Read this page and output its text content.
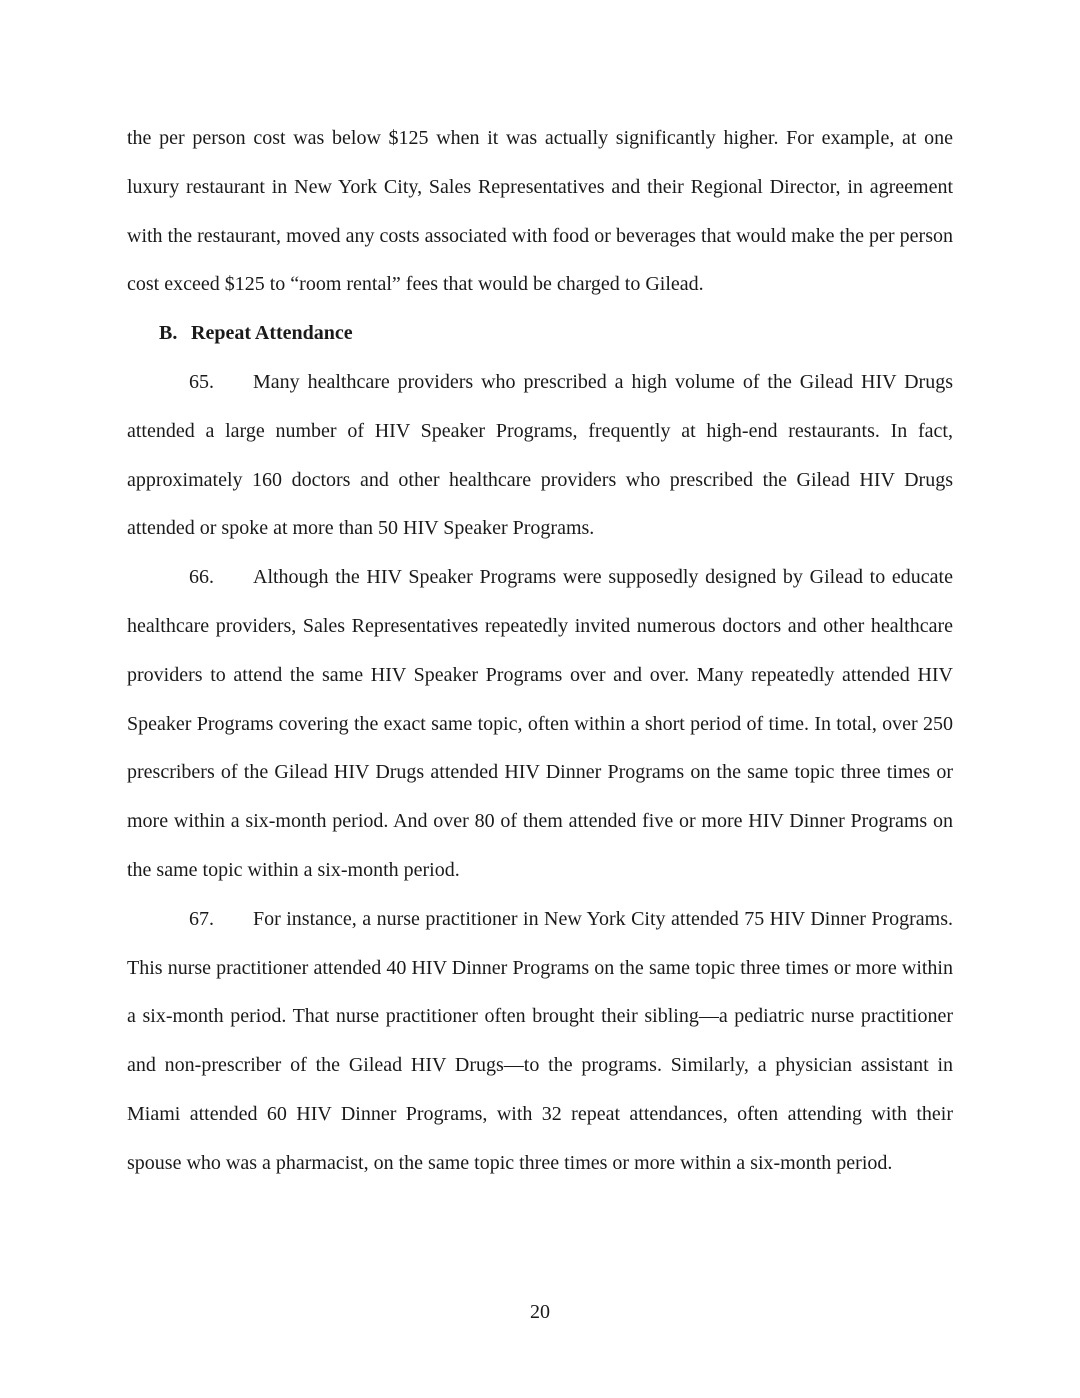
the per person cost was below $125 when it was actually significantly higher. For example, at one luxury restaurant in New York City, Sales Representatives and their Regional Director, in agreement with the restaurant, moved any costs associated with food or beverages that would make the per person cost exceed $125 to “room rental” fees that would be charged to Gilead.

B. Repeat Attendance

65. Many healthcare providers who prescribed a high volume of the Gilead HIV Drugs attended a large number of HIV Speaker Programs, frequently at high-end restaurants. In fact, approximately 160 doctors and other healthcare providers who prescribed the Gilead HIV Drugs attended or spoke at more than 50 HIV Speaker Programs.

66. Although the HIV Speaker Programs were supposedly designed by Gilead to educate healthcare providers, Sales Representatives repeatedly invited numerous doctors and other healthcare providers to attend the same HIV Speaker Programs over and over. Many repeatedly attended HIV Speaker Programs covering the exact same topic, often within a short period of time. In total, over 250 prescribers of the Gilead HIV Drugs attended HIV Dinner Programs on the same topic three times or more within a six-month period. And over 80 of them attended five or more HIV Dinner Programs on the same topic within a six-month period.

67. For instance, a nurse practitioner in New York City attended 75 HIV Dinner Programs. This nurse practitioner attended 40 HIV Dinner Programs on the same topic three times or more within a six-month period. That nurse practitioner often brought their sibling—a pediatric nurse practitioner and non-prescriber of the Gilead HIV Drugs—to the programs. Similarly, a physician assistant in Miami attended 60 HIV Dinner Programs, with 32 repeat attendances, often attending with their spouse who was a pharmacist, on the same topic three times or more within a six-month period.

20
